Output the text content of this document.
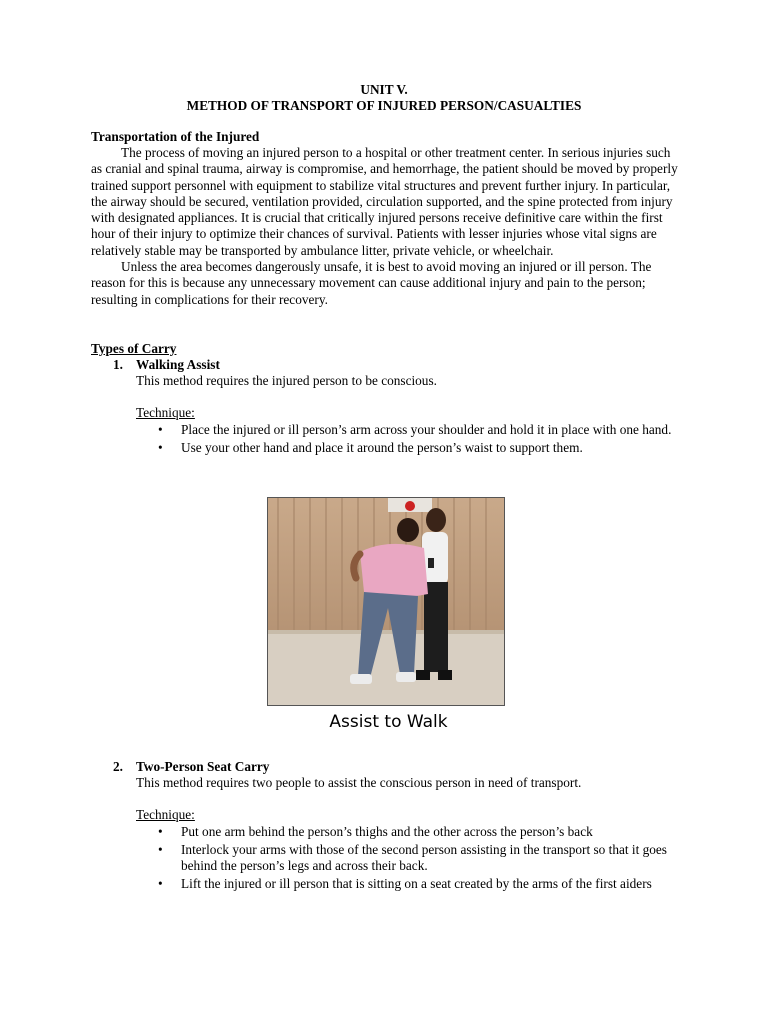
UNIT V.
METHOD OF TRANSPORT OF INJURED PERSON/CASUALTIES
Transportation of the Injured

The process of moving an injured person to a hospital or other treatment center. In serious injuries such as cranial and spinal trauma, airway is compromise, and hemorrhage, the patient should be moved by properly trained support personnel with equipment to stabilize vital structures and prevent further injury. In particular, the airway should be secured, ventilation provided, circulation supported, and the spine protected from injury with designated appliances. It is crucial that critically injured persons receive definitive care within the first hour of their injury to optimize their chances of survival. Patients with lesser injuries whose vital signs are relatively stable may be transported by ambulance litter, private vehicle, or wheelchair.

Unless the area becomes dangerously unsafe, it is best to avoid moving an injured or ill person. The reason for this is because any unnecessary movement can cause additional injury and pain to the person; resulting in complications for their recovery.

Types of Carry
1. Walking Assist
This method requires the injured person to be conscious.
Technique:
• Place the injured or ill person’s arm across your shoulder and hold it in place with one hand.
• Use your other hand and place it around the person’s waist to support them.
Assist to Walk
2. Two-Person Seat Carry
This method requires two people to assist the conscious person in need of transport.
Technique:
• Put one arm behind the person’s thighs and the other across the person’s back
• Interlock your arms with those of the second person assisting in the transport so that it goes behind the person’s legs and across their back.
• Lift the injured or ill person that is sitting on a seat created by the arms of the first aiders
